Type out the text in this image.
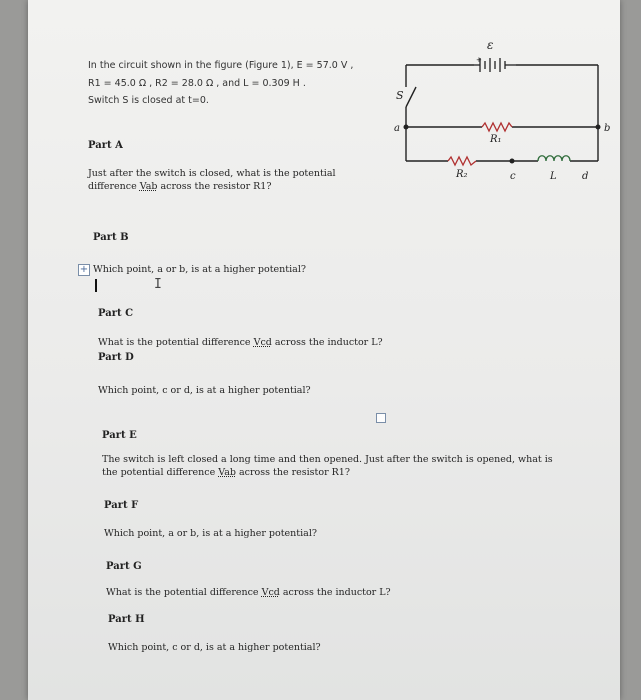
In the circuit shown in the figure (Figure 1), E = 57.0 V ,
R1 = 45.0 Ω , R2 = 28.0 Ω , and L = 0.309 H .
Switch S is closed at t=0.
+
ε
S
R₁
R₂	L
a	b
c	d
Part A
Just after the switch is closed, what is the potential
difference Vab across the resistor R1?
Part B
+ Which point, a or b, is at a higher potential?
I
Part C
What is the potential difference Vcd across the inductor L?
Part D
Which point, c or d, is at a higher potential?
Part E
The switch is left closed a long time and then opened. Just after the switch is opened, what is
the potential difference Vab across the resistor R1?
Part F
Which point, a or b, is at a higher potential?
Part G
What is the potential difference Vcd across the inductor L?
Part H
Which point, c or d, is at a higher potential?
